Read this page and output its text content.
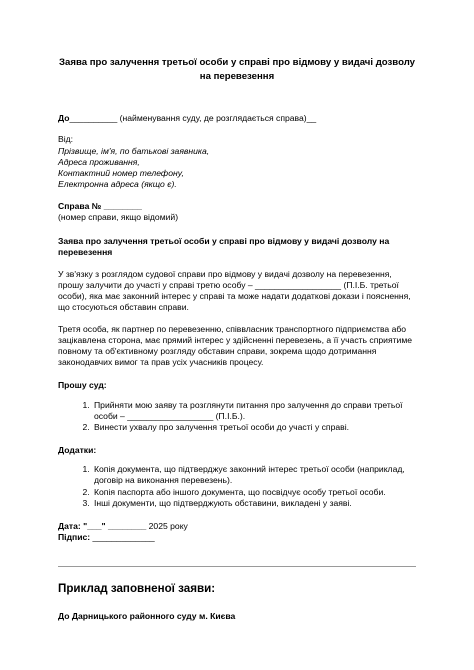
Заява про залучення третьої особи у справі про відмову у видачі дозволу на перевезення
До__________ (найменування суду, де розглядається справа)__
Від:
Прізвище, ім'я, по батькові заявника,
Адреса проживання,
Контактний номер телефону,
Електронна адреса (якщо є).
Справа № ________
(номер справи, якщо відомий)
Заява про залучення третьої особи у справі про відмову у видачі дозволу на перевезення
У зв'язку з розглядом судової справи про відмову у видачі дозволу на перевезення, прошу залучити до участі у справі третю особу – __________________ (П.І.Б. третьої особи), яка має законний інтерес у справі та може надати додаткові докази і пояснення, що стосуються обставин справи.
Третя особа, як партнер по перевезенню, співвласник транспортного підприємства або зацікавлена сторона, має прямий інтерес у здійсненні перевезень, а її участь сприятиме повному та об'єктивному розгляду обставин справи, зокрема щодо дотримання законодавчих вимог та прав усіх учасників процесу.
Прошу суд:
1. Прийняти мою заяву та розглянути питання про залучення до справи третьої особи – __________________ (П.І.Б.).
2. Винести ухвалу про залучення третьої особи до участі у справі.
Додатки:
1. Копія документа, що підтверджує законний інтерес третьої особи (наприклад, договір на виконання перевезень).
2. Копія паспорта або іншого документа, що посвідчує особу третьої особи.
3. Інші документи, що підтверджують обставини, викладені у заяві.
Дата: "___" ________ 2025 року
Підпис: _____________
Приклад заповненої заяви:
До Дарницького районного суду м. Києва
